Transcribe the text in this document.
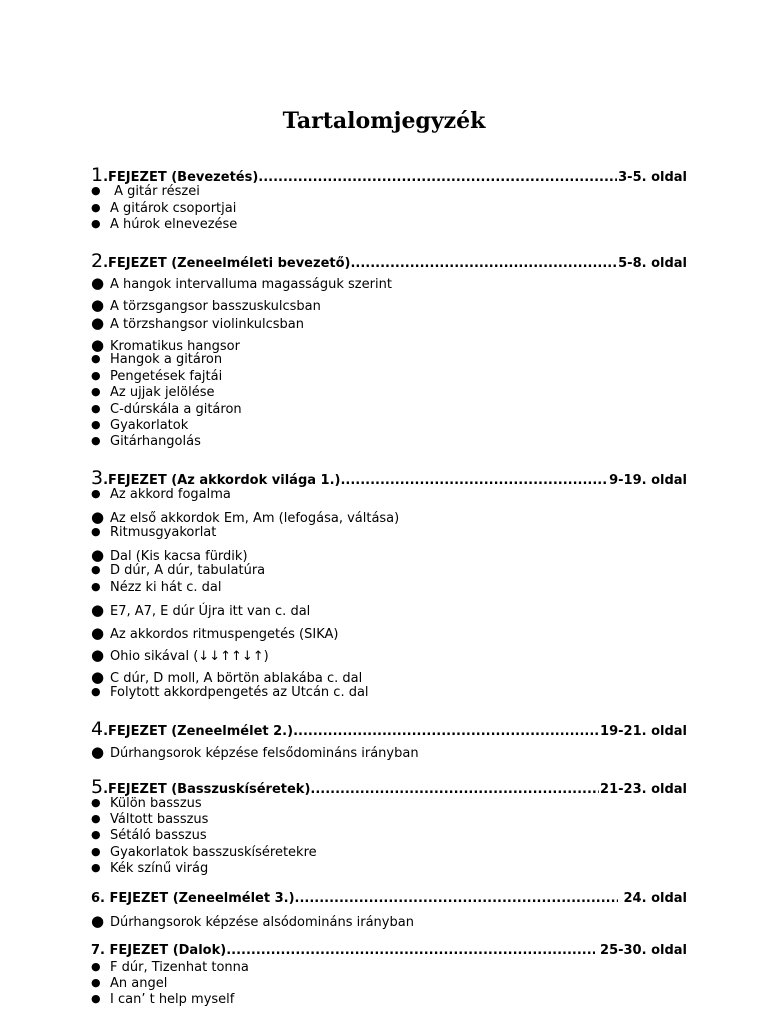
Tartalomjegyzék
1 . FEJEZET (Bevezetés) .....	3-5. oldal
● A gitár részei
● A gitárok csoportjai
● A húrok elnevezése
2 . FEJEZET (Zeneelméleti bevezető) .....	5-8. oldal
● A hangok intervalluma magasságuk szerint
● A törzsgangsor basszuskulcsban
● A törzshangsor violinkulcsban
● Kromatikus hangsor
● Hangok a gitáron
● Pengetések fajtái
● Az ujjak jelölése
● C-dúrskála a gitáron
● Gyakorlatok
● Gitárhangolás
3 . FEJEZET (Az akkordok világa 1.) .....	9-19. oldal
● Az akkord fogalma
● Az első akkordok Em, Am (lefogása, váltása)
● Ritmusgyakorlat
● Dal (Kis kacsa fürdik)
● D dúr, A dúr, tabulatúra
● Nézz ki hát c. dal
● E7, A7, E dúr Újra itt van c. dal
● Az akkordos ritmuspengetés (SIKA)
● Ohio sikával (↓↓↑↑↓↑)
● C dúr, D moll, A börtön ablakába c. dal
● Folytott akkordpengetés az Utcán c. dal
4 . FEJEZET (Zeneelmélet 2.) .....	19-21. oldal
● Dúrhangsorok képzése felsődomináns irányban
5 . FEJEZET (Basszuskíséretek) .....	21-23. oldal
● Külön basszus
● Váltott basszus
● Sétáló basszus
● Gyakorlatok basszuskíséretekre
● Kék színű virág
6 . FEJEZET (Zeneelmélet 3.) .....	24. oldal
● Dúrhangsorok képzése alsódomináns irányban
7 . FEJEZET (Dalok) .....	25-30. oldal
● F dúr, Tizenhat tonna
● An angel
● I can’ t help myself
